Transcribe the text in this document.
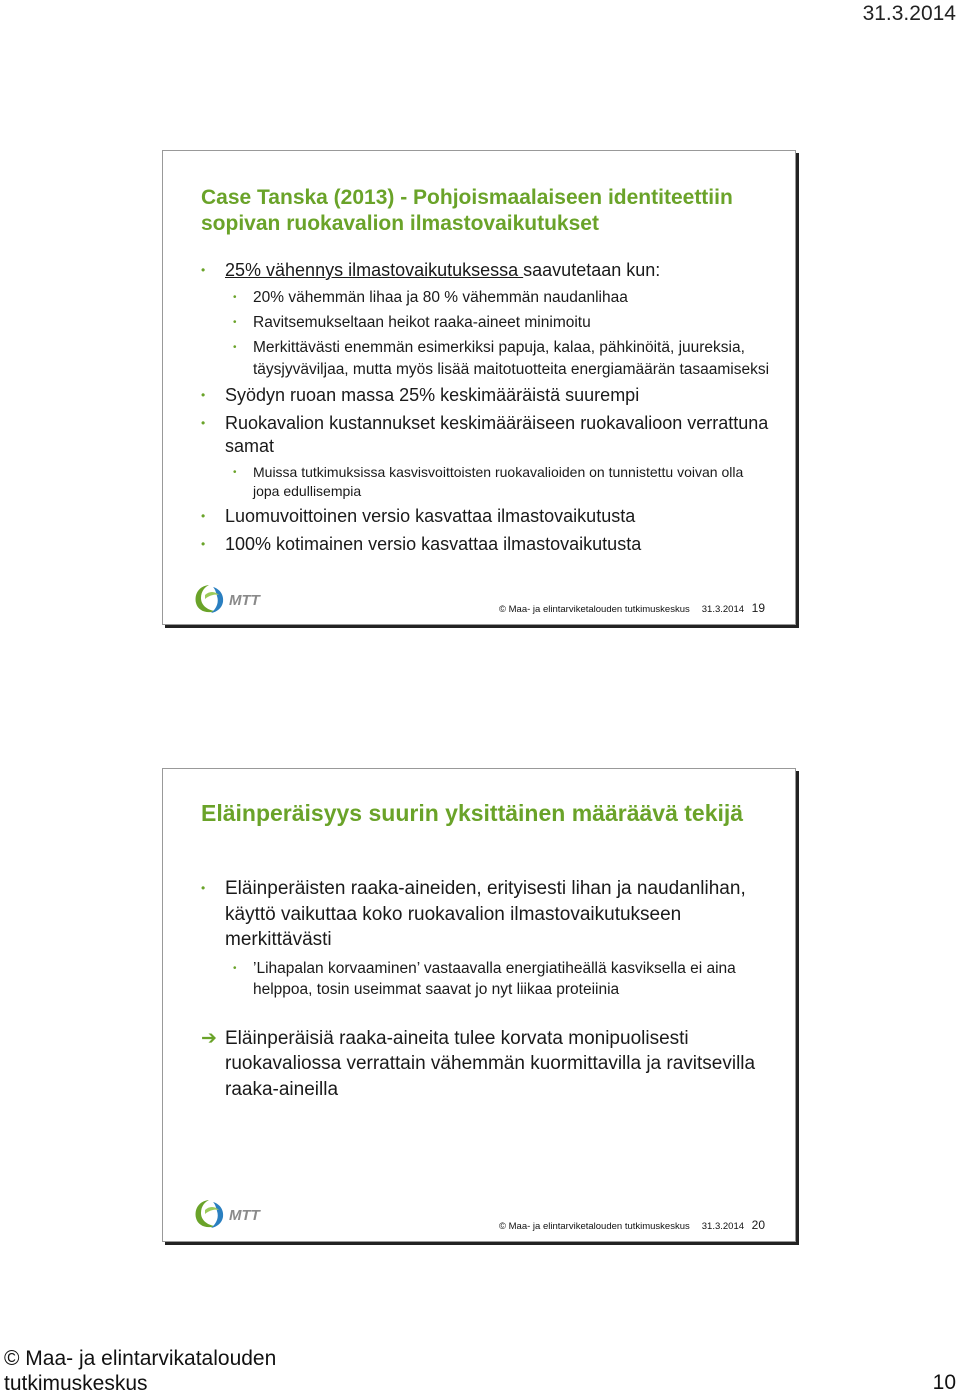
31.3.2014
Case Tanska (2013) - Pohjoismaalaiseen identiteettiin sopivan ruokavalion ilmastovaikutukset
• 25% vähennys ilmastovaikutuksessa saavutetaan kun:
• 20% vähemmän lihaa ja 80 % vähemmän naudanlihaa
• Ravitsemukseltaan heikot raaka-aineet minimoitu
• Merkittävästi enemmän esimerkiksi papuja, kalaa, pähkinöitä, juureksia, täysjyväviljaa, mutta myös lisää maitotuotteita energiamäärän tasaamiseksi
• Syödyn ruoan massa 25% keskimääräistä suurempi
• Ruokavalion kustannukset keskimääräiseen ruokavalioon verrattuna samat
• Muissa tutkimuksissa kasvisvoittoisten ruokavalioiden on tunnistettu voivan olla jopa edullisempia
• Luomuvoittoinen versio kasvattaa ilmastovaikutusta
• 100% kotimainen versio kasvattaa ilmastovaikutusta
MTT
© Maa- ja elintarviketalouden tutkimuskeskus 31.3.2014 19
Eläinperäisyys suurin yksittäinen määräävä tekijä
• Eläinperäisten raaka-aineiden, erityisesti lihan ja naudanlihan, käyttö vaikuttaa koko ruokavalion ilmastovaikutukseen merkittävästi
• ’Lihapalan korvaaminen’ vastaavalla energiatiheällä kasviksella ei aina helppoa, tosin useimmat saavat jo nyt liikaa proteiinia
➔ Eläinperäisiä raaka-aineita tulee korvata monipuolisesti ruokavaliossa verrattain vähemmän kuormittavilla ja ravitsevilla raaka-aineilla
MTT
© Maa- ja elintarviketalouden tutkimuskeskus 31.3.2014 20
© Maa- ja elintarvikatalouden tutkimuskeskus	10
